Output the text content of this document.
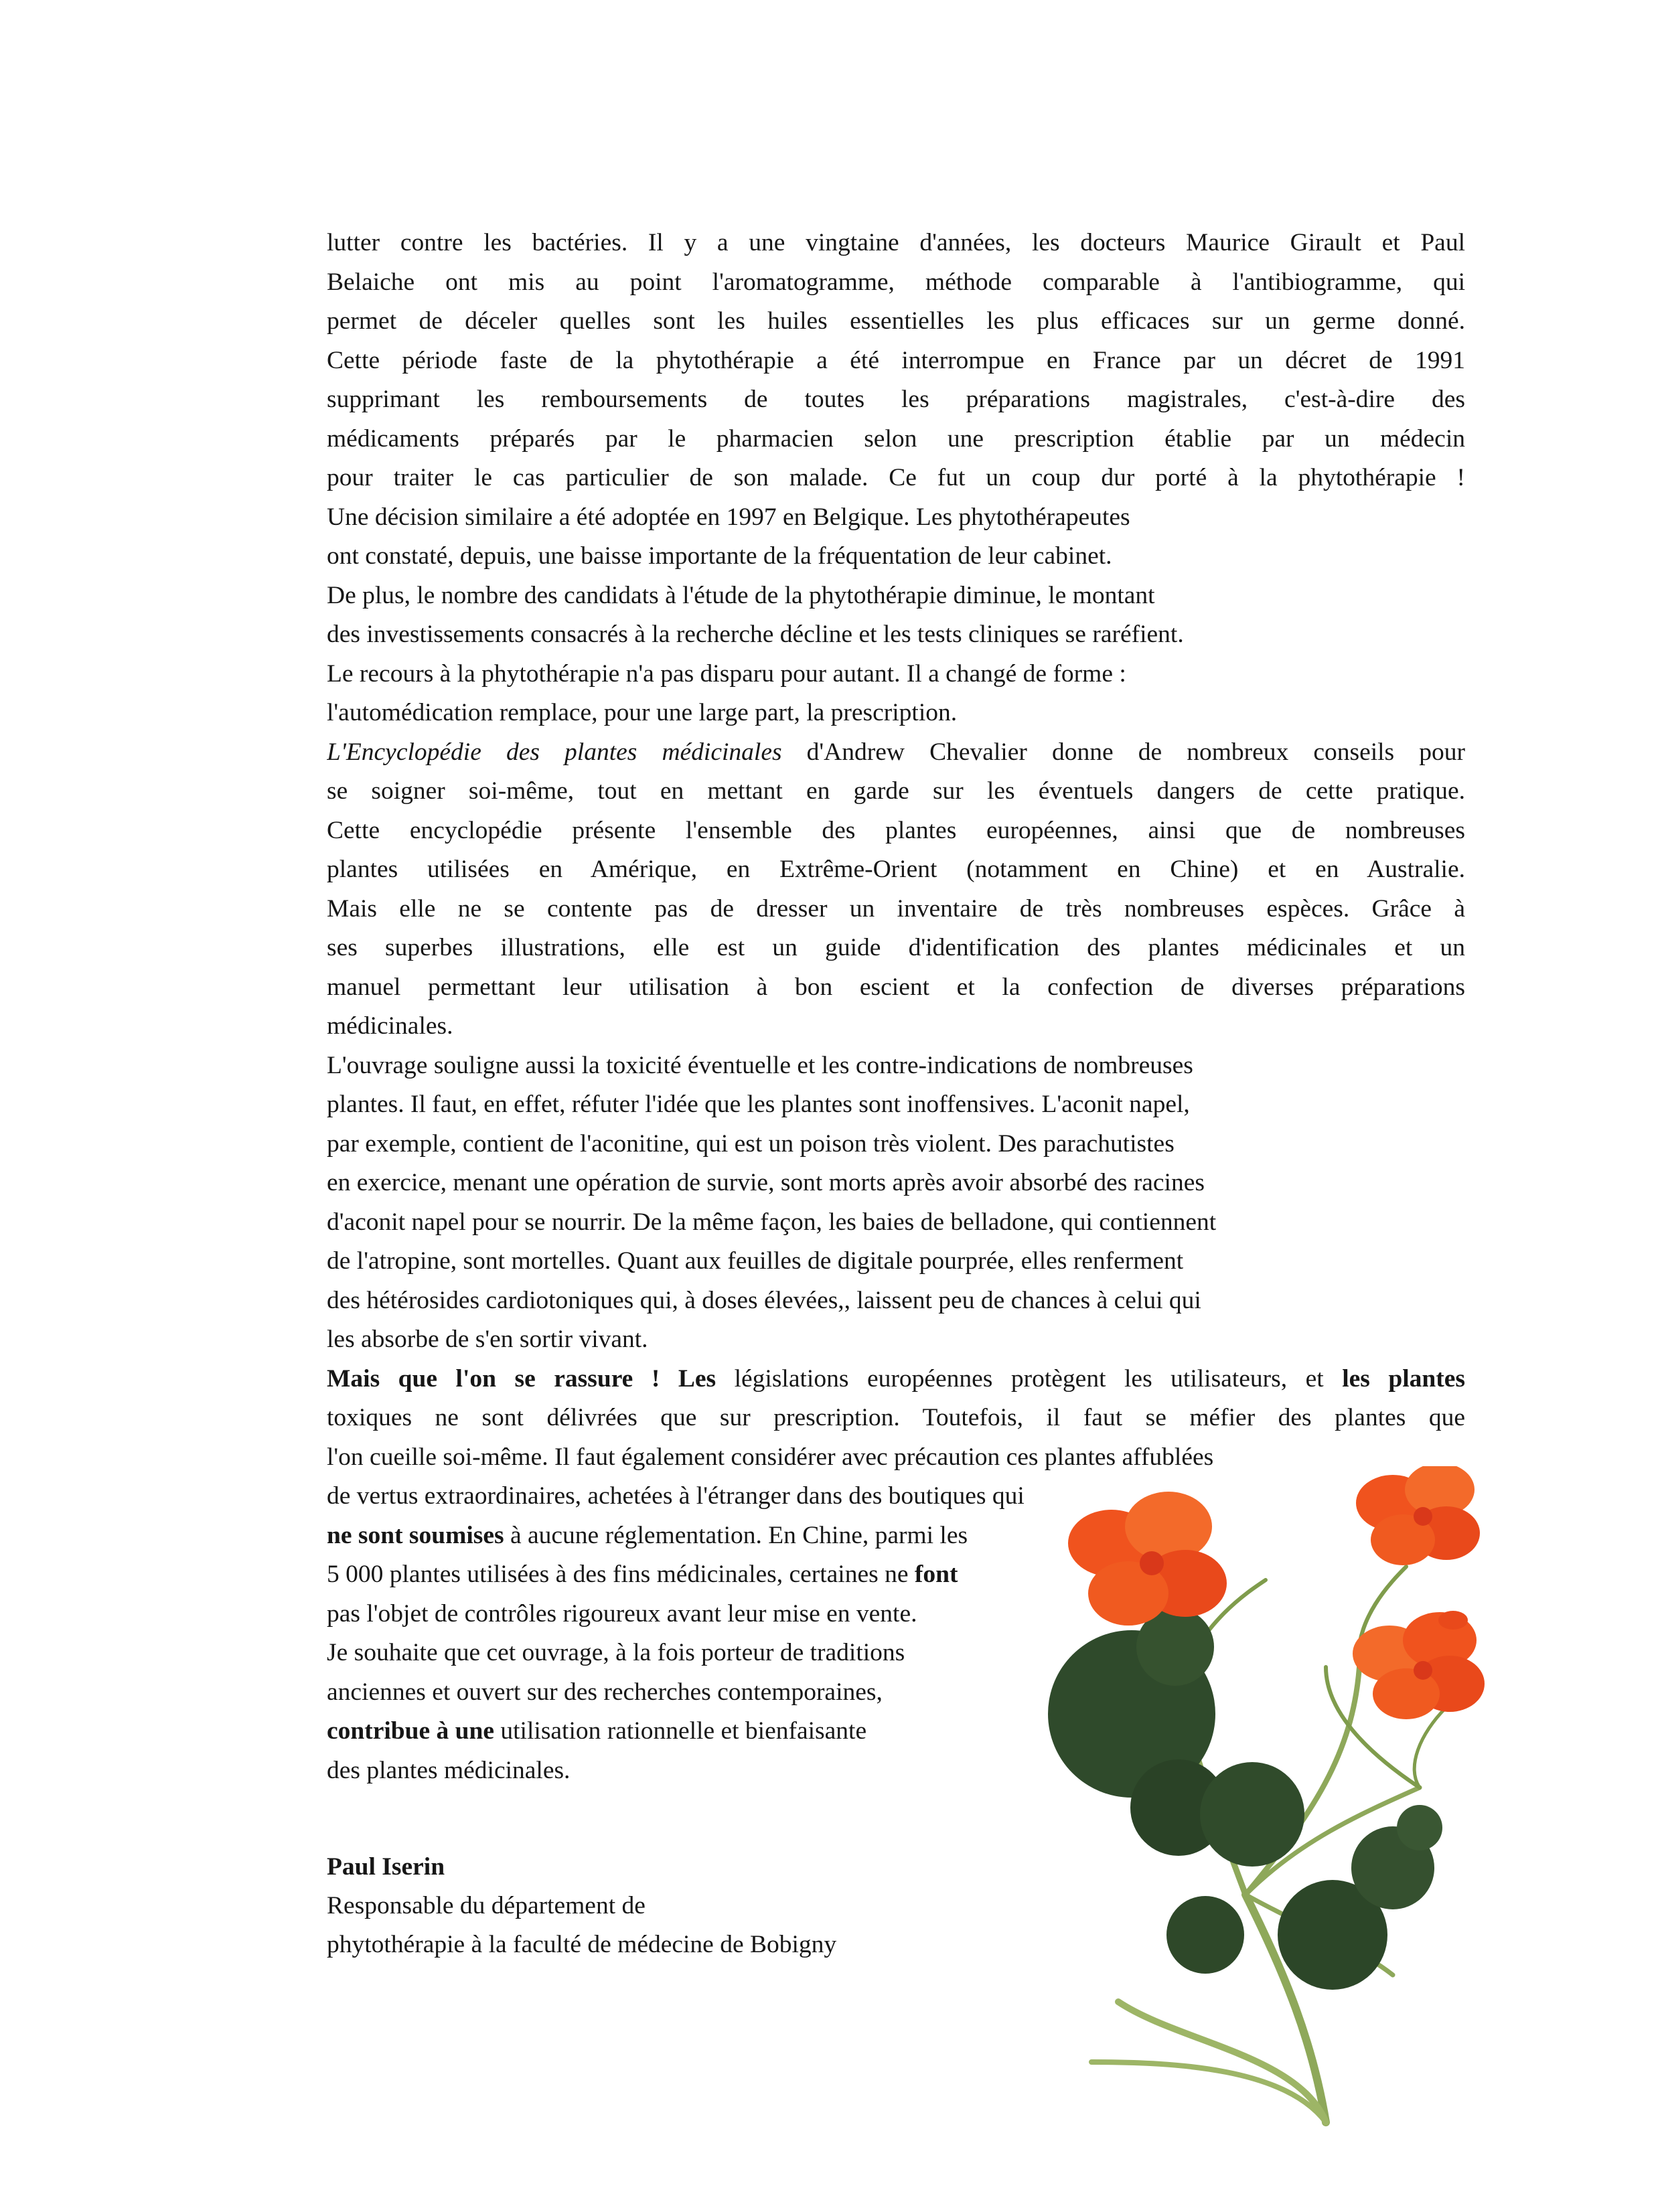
lutter contre les bactéries. Il y a une vingtaine d'années, les docteurs Maurice Girault et Paul
Belaiche ont mis au point l'aromatogramme, méthode comparable à l'antibiogramme, qui
permet de déceler quelles sont les huiles essentielles les plus efficaces sur un germe donné.
Cette période faste de la phytothérapie a été interrompue en France par un décret de 1991
supprimant les remboursements de toutes les préparations magistrales, c'est-à-dire des
médicaments préparés par le pharmacien selon une prescription établie par un médecin
pour traiter le cas particulier de son malade. Ce fut un coup dur porté à la phytothérapie !
Une décision similaire a été adoptée en 1997 en Belgique. Les phytothérapeutes
ont constaté, depuis, une baisse importante de la fréquentation de leur cabinet.
De plus, le nombre des candidats à l'étude de la phytothérapie diminue, le montant
des investissements consacrés à la recherche décline et les tests cliniques se raréfient.
Le recours à la phytothérapie n'a pas disparu pour autant. Il a changé de forme :
l'automédication remplace, pour une large part, la prescription.
L'Encyclopédie des plantes médicinales d'Andrew Chevalier donne de nombreux conseils pour
se soigner soi-même, tout en mettant en garde sur les éventuels dangers de cette pratique.
Cette encyclopédie présente l'ensemble des plantes européennes, ainsi que de nombreuses
plantes utilisées en Amérique, en Extrême-Orient (notamment en Chine) et en Australie.
Mais elle ne se contente pas de dresser un inventaire de très nombreuses espèces. Grâce à
ses superbes illustrations, elle est un guide d'identification des plantes médicinales et un
manuel permettant leur utilisation à bon escient et la confection de diverses préparations
médicinales.
L'ouvrage souligne aussi la toxicité éventuelle et les contre-indications de nombreuses
plantes. Il faut, en effet, réfuter l'idée que les plantes sont inoffensives. L'aconit napel,
par exemple, contient de l'aconitine, qui est un poison très violent. Des parachutistes
en exercice, menant une opération de survie, sont morts après avoir absorbé des racines
d'aconit napel pour se nourrir. De la même façon, les baies de belladone, qui contiennent
de l'atropine, sont mortelles. Quant aux feuilles de digitale pourprée, elles renferment
des hétérosides cardiotoniques qui, à doses élevées,, laissent peu de chances à celui qui
les absorbe de s'en sortir vivant.
Mais que l'on se rassure ! Les législations européennes protègent les utilisateurs, et les plantes
toxiques ne sont délivrées que sur prescription. Toutefois, il faut se méfier des plantes que
l'on cueille soi-même. Il faut également considérer avec précaution ces plantes affublées
de vertus extraordinaires, achetées à l'étranger dans des boutiques qui
ne sont soumises à aucune réglementation. En Chine, parmi les
5 000 plantes utilisées à des fins médicinales, certaines ne font
pas l'objet de contrôles rigoureux avant leur mise en vente.
Je souhaite que cet ouvrage, à la fois porteur de traditions
anciennes et ouvert sur des recherches contemporaines,
contribue à une utilisation rationnelle et bienfaisante
des plantes médicinales.
Paul Iserin
Responsable du département de
phytothérapie à la faculté de médecine de Bobigny
